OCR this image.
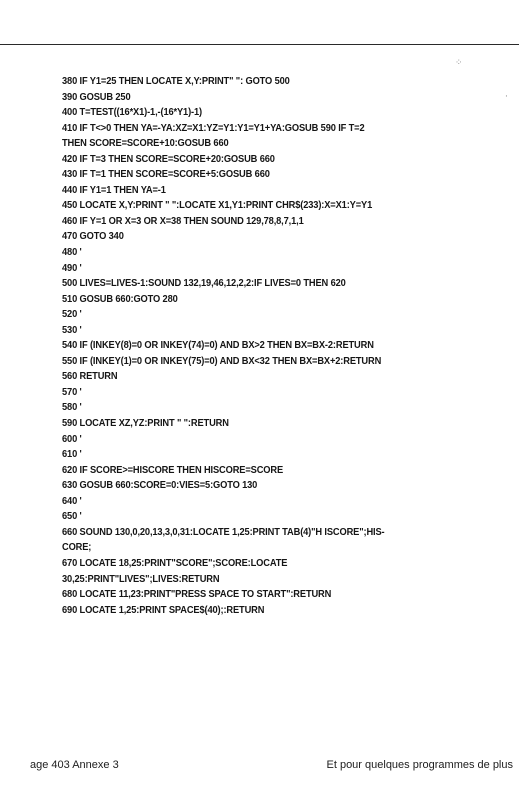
⁘
·
380 IF Y1=25 THEN LOCATE X,Y:PRINT" ": GOTO 500
390 GOSUB 250
400 T=TEST((16*X1)-1,-(16*Y1)-1)
410 IF T<>0 THEN YA=-YA:XZ=X1:YZ=Y1:Y1=Y1+YA:GOSUB 590 IF T=2
THEN SCORE=SCORE+10:GOSUB 660
420 IF T=3 THEN SCORE=SCORE+20:GOSUB 660
430 IF T=1 THEN SCORE=SCORE+5:GOSUB 660
440 IF Y1=1 THEN YA=-1
450 LOCATE X,Y:PRINT " ":LOCATE X1,Y1:PRINT CHR$(233):X=X1:Y=Y1
460 IF Y=1 OR X=3 OR X=38 THEN SOUND 129,78,8,7,1,1
470 GOTO 340
480 '
490 '
500 LIVES=LIVES-1:SOUND 132,19,46,12,2,2:IF LIVES=0 THEN 620
510 GOSUB 660:GOTO 280
520 '
530 '
540 IF (INKEY(8)=0 OR INKEY(74)=0) AND BX>2 THEN BX=BX-2:RETURN
550 IF (INKEY(1)=0 OR INKEY(75)=0) AND BX<32 THEN BX=BX+2:RETURN
560 RETURN
570 '
580 '
590 LOCATE XZ,YZ:PRINT " ":RETURN
600 '
610 '
620 IF SCORE>=HISCORE THEN HISCORE=SCORE
630 GOSUB 660:SCORE=0:VIES=5:GOTO 130
640 '
650 '
660 SOUND 130,0,20,13,3,0,31:LOCATE 1,25:PRINT TAB(4)"H ISCORE";HIS-
CORE;
670 LOCATE 18,25:PRINT"SCORE";SCORE:LOCATE
30,25:PRINT"LIVES";LIVES:RETURN
680 LOCATE 11,23:PRINT"PRESS SPACE TO START":RETURN
690 LOCATE 1,25:PRINT SPACE$(40);:RETURN
age 403 Annexe 3	Et pour quelques programmes de plus
